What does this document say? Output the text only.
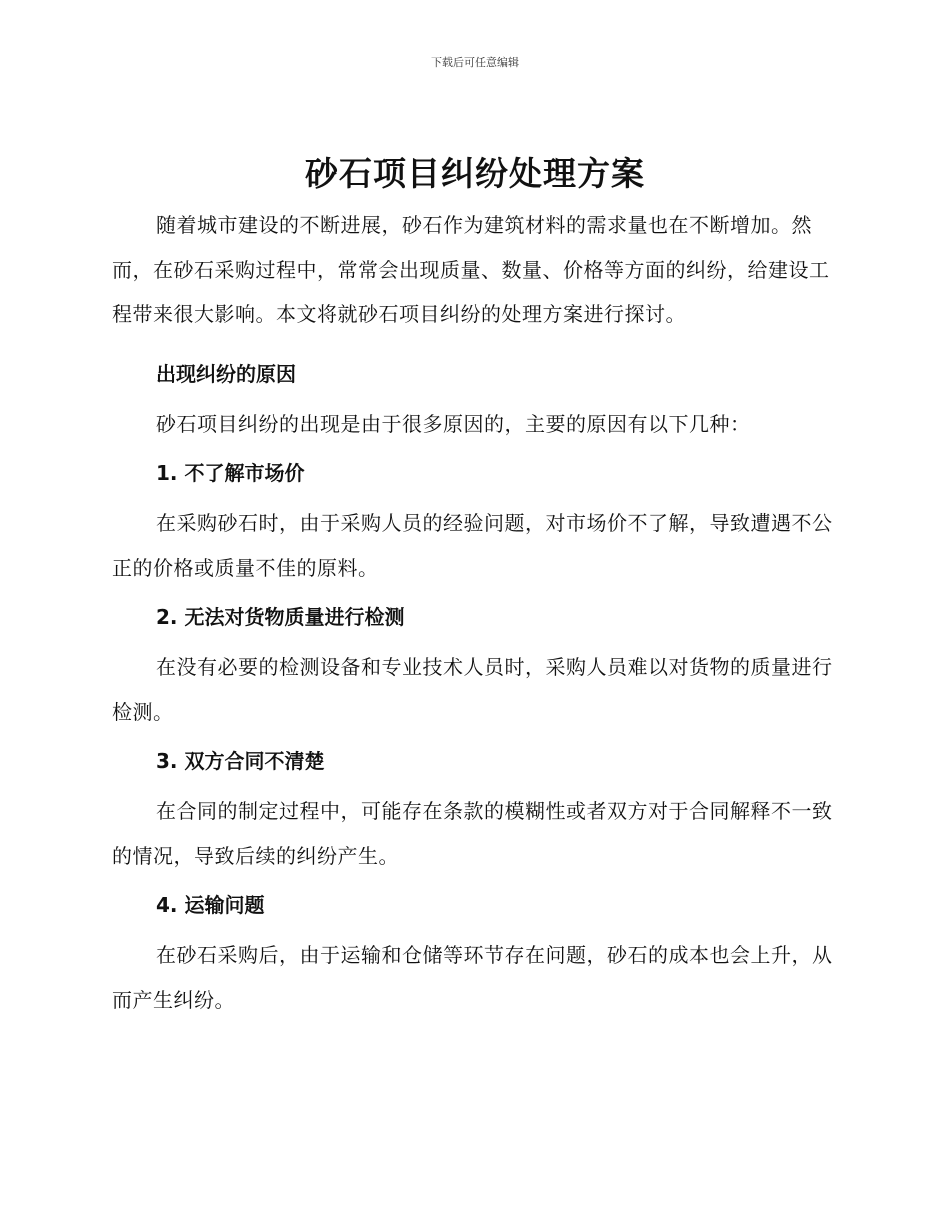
下载后可任意编辑
砂石项目纠纷处理方案

随着城市建设的不断进展，砂石作为建筑材料的需求量也在不断增加。然而，在砂石采购过程中，常常会出现质量、数量、价格等方面的纠纷，给建设工程带来很大影响。本文将就砂石项目纠纷的处理方案进行探讨。

出现纠纷的原因

砂石项目纠纷的出现是由于很多原因的，主要的原因有以下几种：

1. 不了解市场价

在采购砂石时，由于采购人员的经验问题，对市场价不了解，导致遭遇不公正的价格或质量不佳的原料。

2. 无法对货物质量进行检测

在没有必要的检测设备和专业技术人员时，采购人员难以对货物的质量进行检测。

3. 双方合同不清楚

在合同的制定过程中，可能存在条款的模糊性或者双方对于合同解释不一致的情况，导致后续的纠纷产生。

4. 运输问题

在砂石采购后，由于运输和仓储等环节存在问题，砂石的成本也会上升，从而产生纠纷。
